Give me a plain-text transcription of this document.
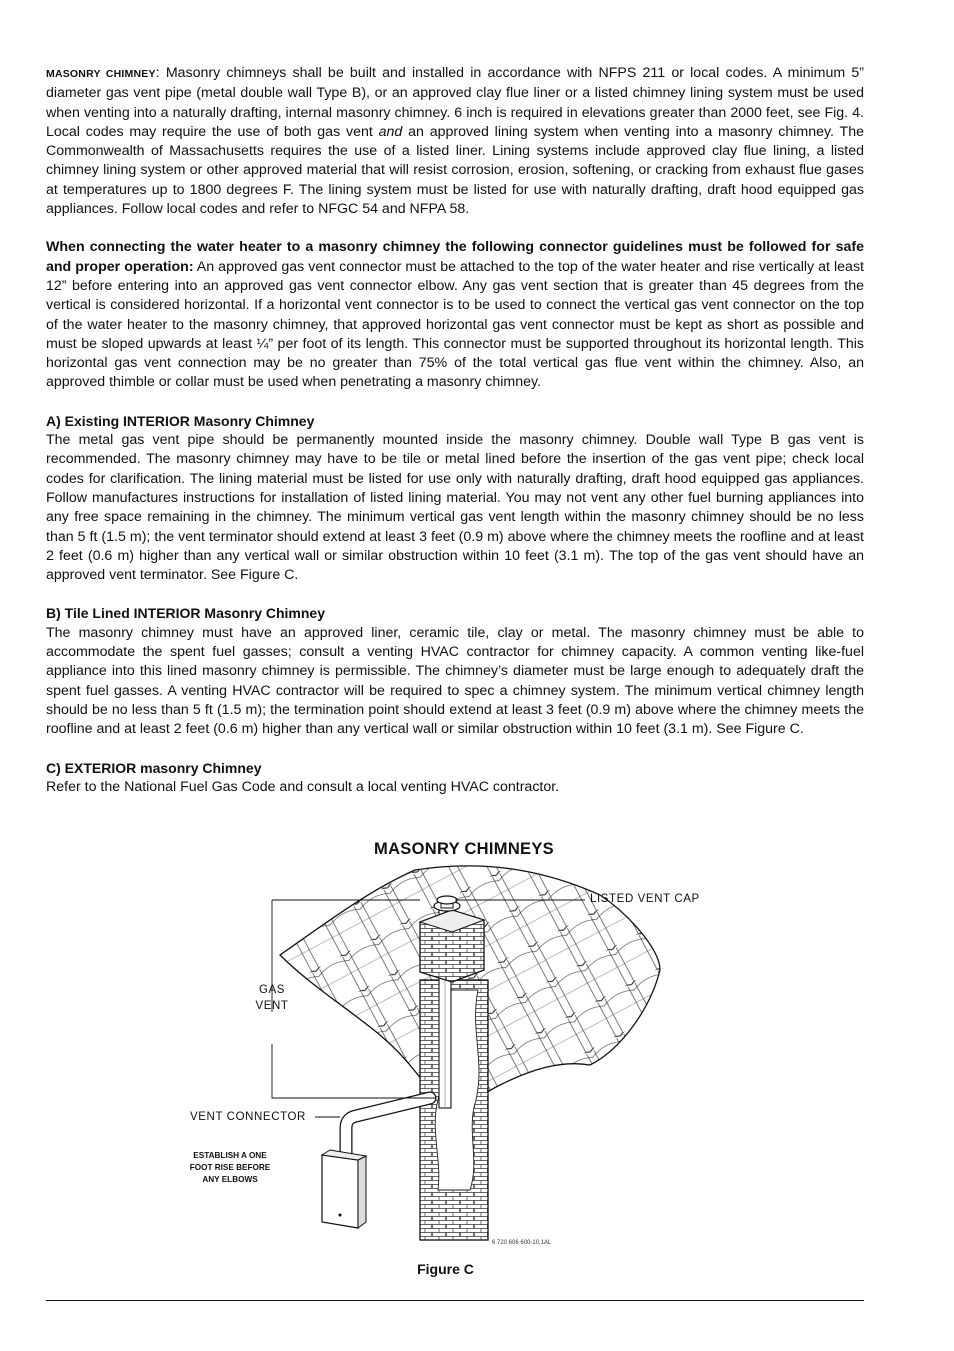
MASONRY CHIMNEY: Masonry chimneys shall be built and installed in accordance with NFPS 211 or local codes. A minimum 5” diameter gas vent pipe (metal double wall Type B), or an approved clay flue liner or a listed chimney lining system must be used when venting into a naturally drafting, internal masonry chimney. 6 inch is required in elevations greater than 2000 feet, see Fig. 4. Local codes may require the use of both gas vent and an approved lining system when venting into a masonry chimney. The Commonwealth of Massachusetts requires the use of a listed liner. Lining systems include approved clay flue lining, a listed chimney lining system or other approved material that will resist corrosion, erosion, softening, or cracking from exhaust flue gases at temperatures up to 1800 degrees F. The lining system must be listed for use with naturally drafting, draft hood equipped gas appliances. Follow local codes and refer to NFGC 54 and NFPA 58.

When connecting the water heater to a masonry chimney the following connector guidelines must be followed for safe and proper operation: An approved gas vent connector must be attached to the top of the water heater and rise vertically at least 12” before entering into an approved gas vent connector elbow. Any gas vent section that is greater than 45 degrees from the vertical is considered horizontal. If a horizontal vent connector is to be used to connect the vertical gas vent connector on the top of the water heater to the masonry chimney, that approved horizontal gas vent connector must be kept as short as possible and must be sloped upwards at least ¼” per foot of its length. This connector must be supported throughout its horizontal length. This horizontal gas vent connection may be no greater than 75% of the total vertical gas flue vent within the chimney. Also, an approved thimble or collar must be used when penetrating a masonry chimney.

A) Existing INTERIOR Masonry Chimney

The metal gas vent pipe should be permanently mounted inside the masonry chimney. Double wall Type B gas vent is recommended. The masonry chimney may have to be tile or metal lined before the insertion of the gas vent pipe; check local codes for clarification. The lining material must be listed for use only with naturally drafting, draft hood equipped gas appliances. Follow manufactures instructions for installation of listed lining material. You may not vent any other fuel burning appliances into any free space remaining in the chimney. The minimum vertical gas vent length within the masonry chimney should be no less than 5 ft (1.5 m); the vent terminator should extend at least 3 feet (0.9 m) above where the chimney meets the roofline and at least 2 feet (0.6 m) higher than any vertical wall or similar obstruction within 10 feet (3.1 m). The top of the gas vent should have an approved vent terminator. See Figure C.

B) Tile Lined INTERIOR Masonry Chimney

The masonry chimney must have an approved liner, ceramic tile, clay or metal. The masonry chimney must be able to accommodate the spent fuel gasses; consult a venting HVAC contractor for chimney capacity. A common venting like-fuel appliance into this lined masonry chimney is permissible. The chimney’s diameter must be large enough to adequately draft the spent fuel gasses. A venting HVAC contractor will be required to spec a chimney system. The minimum vertical chimney length should be no less than 5 ft (1.5 m); the termination point should extend at least 3 feet (0.9 m) above where the chimney meets the roofline and at least 2 feet (0.6 m) higher than any vertical wall or similar obstruction within 10 feet (3.1 m). See Figure C.

C) EXTERIOR masonry Chimney

Refer to the National Fuel Gas Code and consult a local venting HVAC contractor.

MASONRY CHIMNEYS
LISTED VENT CAP
GAS
VENT
VENT CONNECTOR
ESTABLISH A ONE
FOOT RISE BEFORE
ANY ELBOWS
6 720 606 600-10.1AL
Figure C
